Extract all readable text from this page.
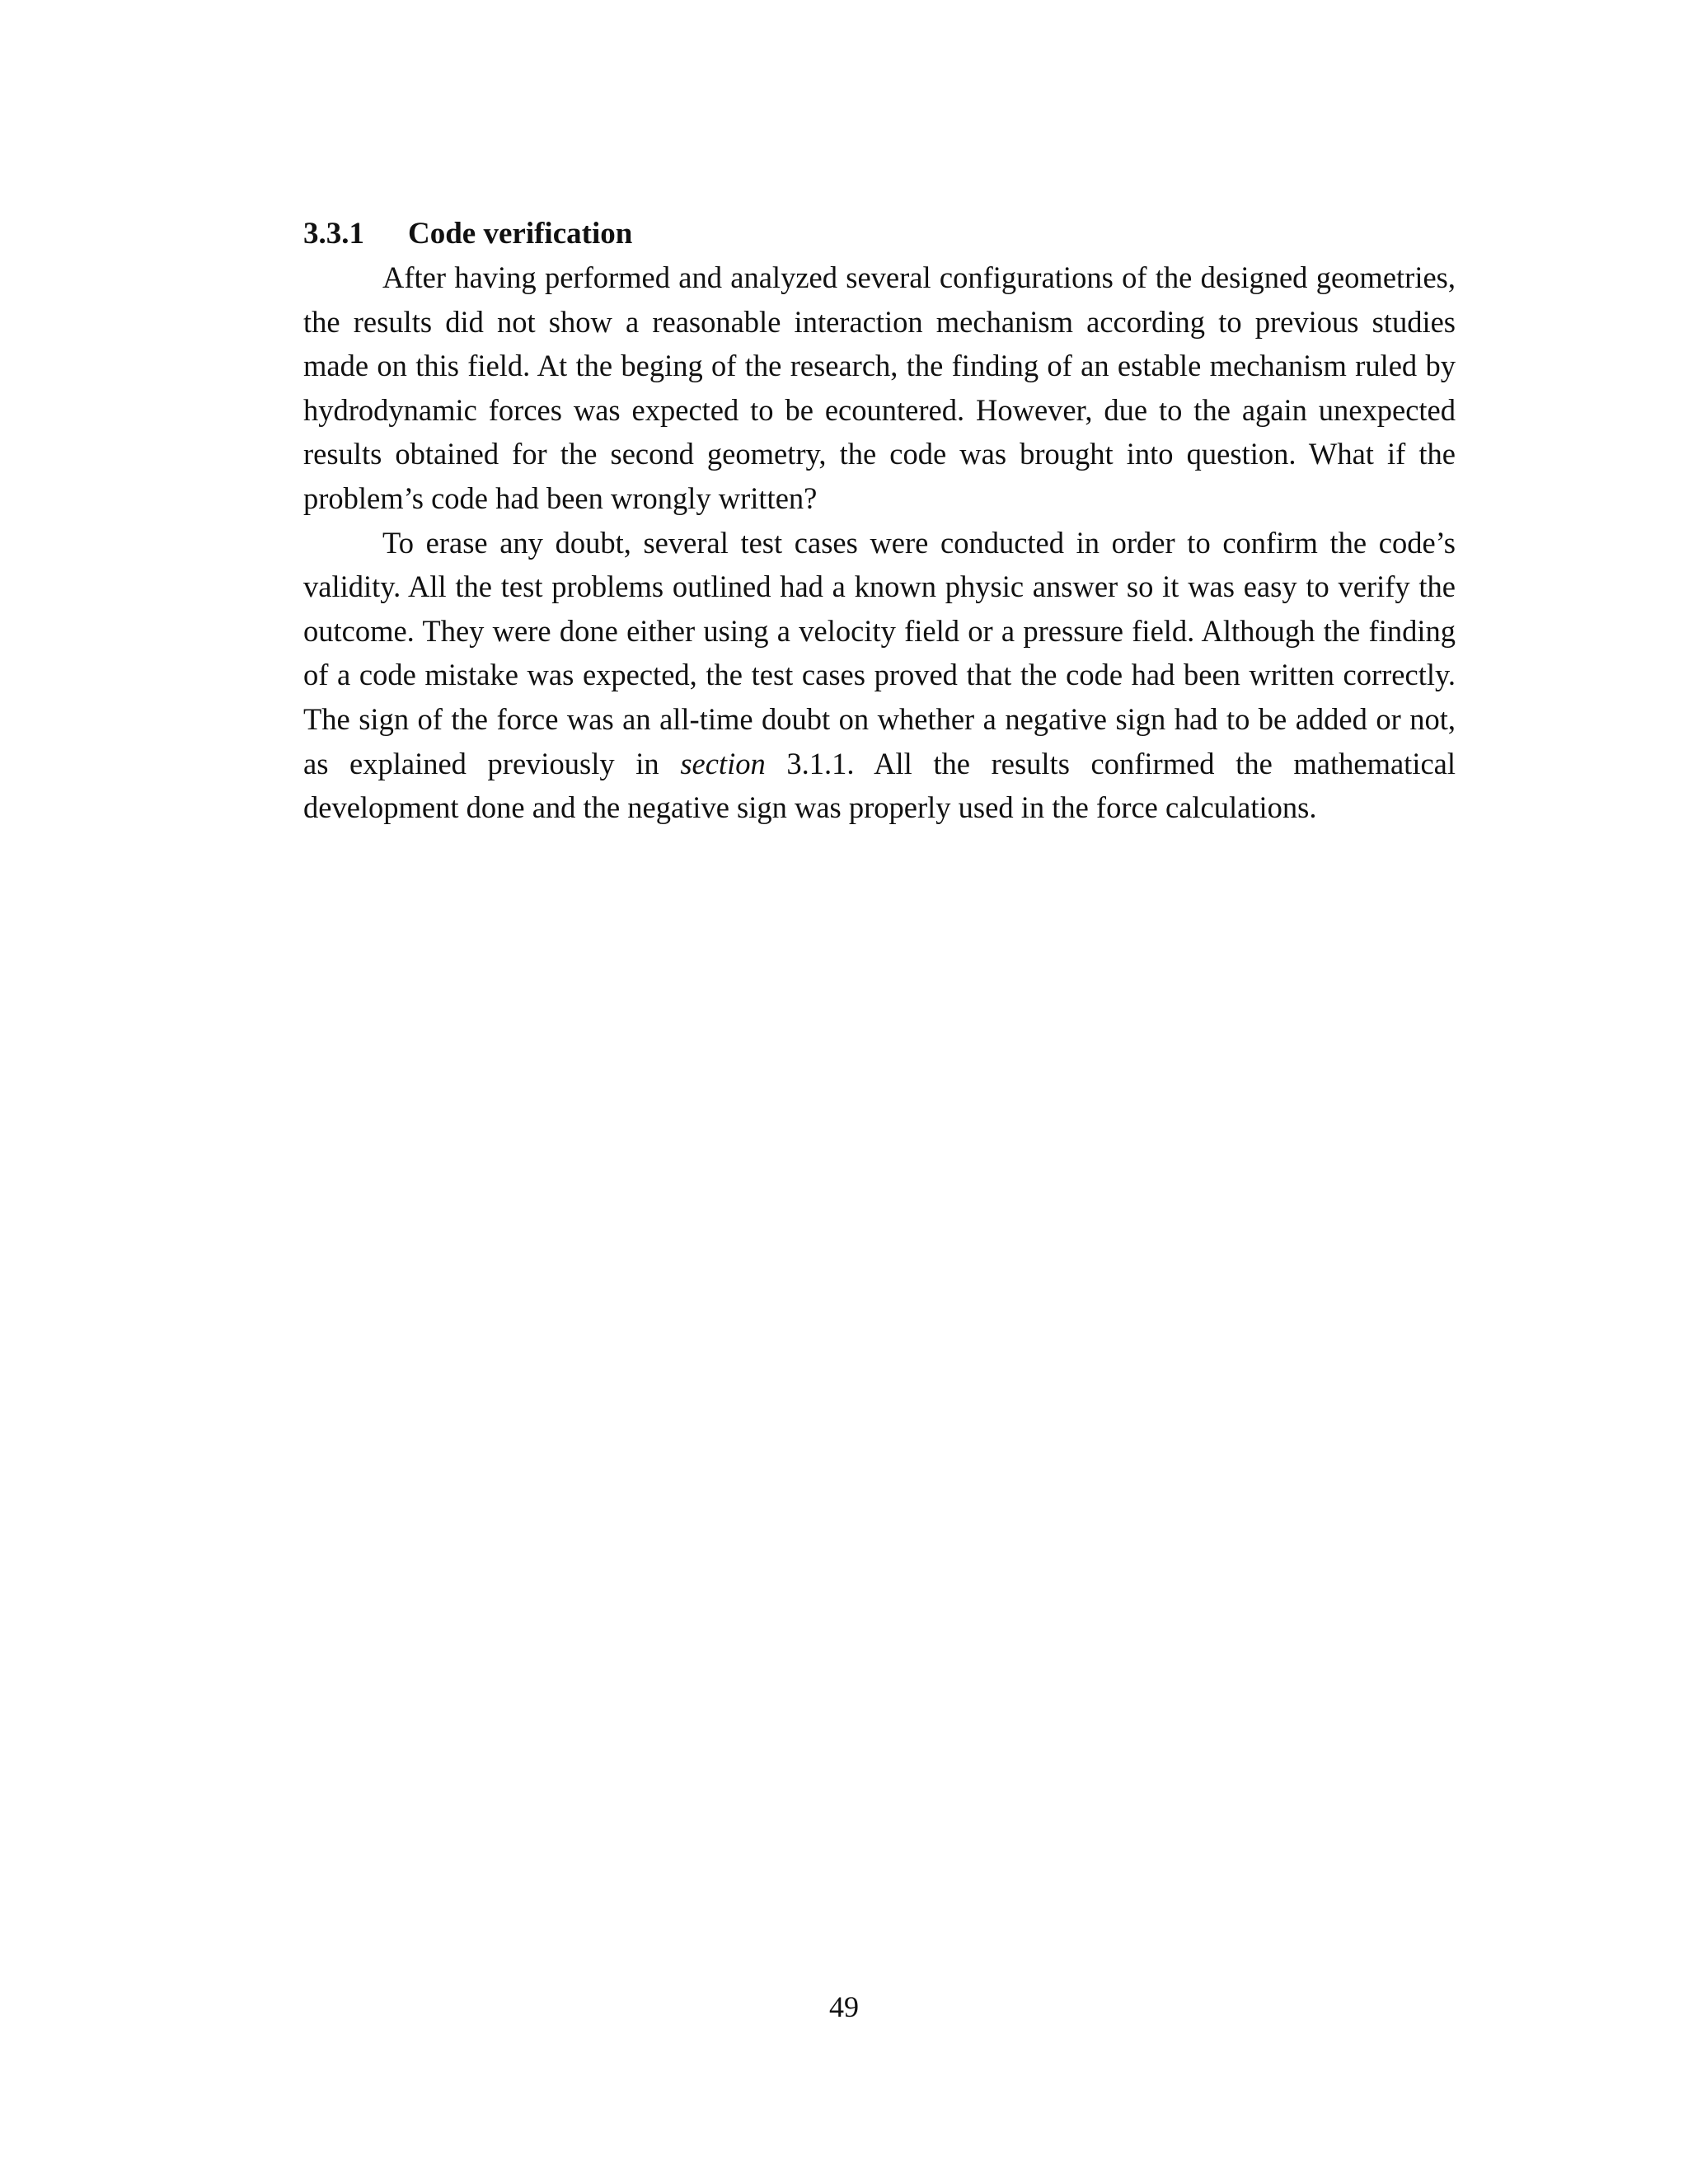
3.3.1	Code verification

After having performed and analyzed several configurations of the designed geometries, the results did not show a reasonable interaction mechanism according to previous studies made on this field. At the beging of the research, the finding of an estable mechanism ruled by hydrodynamic forces was expected to be ecountered. However, due to the again unexpected results obtained for the second geometry, the code was brought into question. What if the problem’s code had been wrongly written?

To erase any doubt, several test cases were conducted in order to confirm the code’s validity. All the test problems outlined had a known physic answer so it was easy to verify the outcome. They were done either using a velocity field or a pressure field. Although the finding of a code mistake was expected, the test cases proved that the code had been written correctly. The sign of the force was an all-time doubt on whether a negative sign had to be added or not, as explained previously in section 3.1.1. All the results confirmed the mathematical development done and the negative sign was properly used in the force calculations.

49
